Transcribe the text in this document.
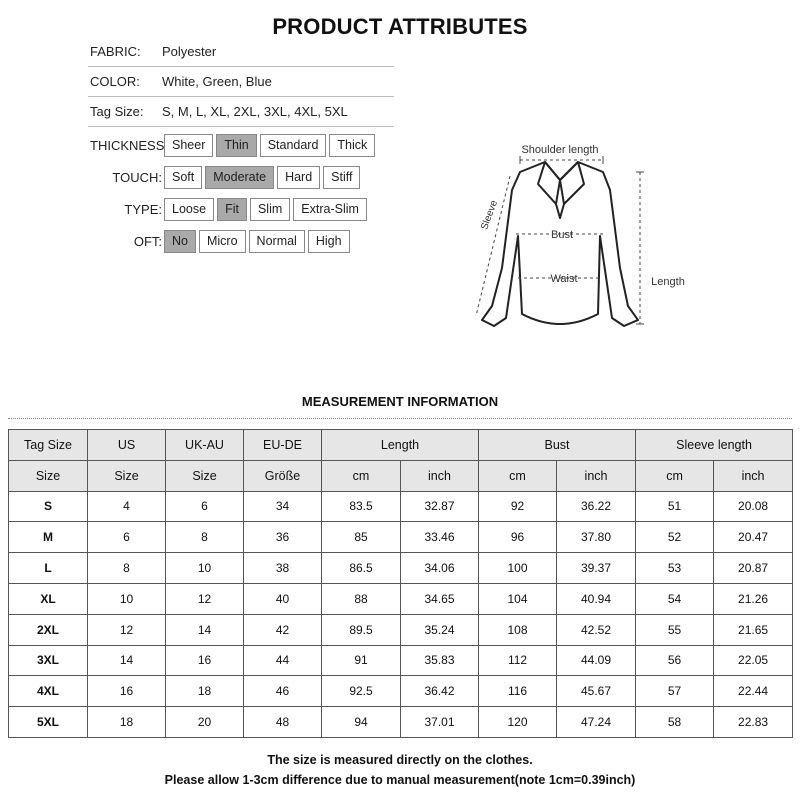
PRODUCT ATTRIBUTES
FABRIC: Polyester
COLOR: White, Green, Blue
Tag Size: S, M, L, XL, 2XL, 3XL, 4XL, 5XL
THICKNESS Sheer	Thin	Standard	Thick
TOUCH: Soft	Moderate	Hard	Stiff
TYPE: Loose	Fit	Slim	Extra-Slim
OFT: No	Micro	Normal	High
Shoulder length
Sleeve
Bust
Waist	Length
MEASUREMENT INFORMATION
Tag Size	US	UK-AU	EU-DE	Length		Bust		Sleeve length	
Size	Size	Size	Größe	cm	inch	cm	inch	cm	inch
S	4	6	34	83.5	32.87	92	36.22	51	20.08
M	6	8	36	85	33.46	96	37.80	52	20.47
L	8	10	38	86.5	34.06	100	39.37	53	20.87
XL	10	12	40	88	34.65	104	40.94	54	21.26
2XL	12	14	42	89.5	35.24	108	42.52	55	21.65
3XL	14	16	44	91	35.83	112	44.09	56	22.05
4XL	16	18	46	92.5	36.42	116	45.67	57	22.44
5XL	18	20	48	94	37.01	120	47.24	58	22.83
The size is measured directly on the clothes.
Please allow 1-3cm difference due to manual measurement(note 1cm=0.39inch)
